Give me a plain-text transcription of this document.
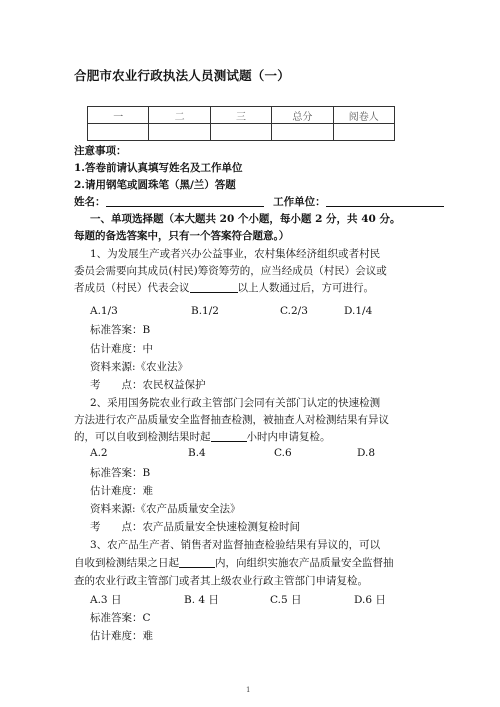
合肥市农业行政执法人员测试题（一）
一	二	三	总分	阅卷人

注意事项：
1.答卷前请认真填写姓名及工作单位
2.请用钢笔或圆珠笔（黑/兰）答题
姓名：	工作单位：
一、单项选择题（本大题共 20 个小题，每小题 2 分，共 40 分。
每题的备选答案中，只有一个答案符合题意。）
1、为发展生产或者兴办公益事业，农村集体经济组织或者村民
委员会需要向其成员(村民)筹资筹劳的，应当经成员（村民）会议或
者成员（村民）代表会议	以上人数通过后，方可进行。
A.1/3	B.1/2	C.2/3	D.1/4
标准答案：B
估计难度：中
资料来源:《农业法》
考　　点：农民权益保护
2、采用国务院农业行政主管部门会同有关部门认定的快速检测
方法进行农产品质量安全监督抽查检测，被抽查人对检测结果有异议
的，可以自收到检测结果时起	小时内申请复检。
A.2	B.4	C.6	D.8
标准答案：B
估计难度：难
资料来源:《农产品质量安全法》
考　　点：农产品质量安全快速检测复检时间
3、农产品生产者、销售者对监督抽查检验结果有异议的，可以
自收到检测结果之日起	内，向组织实施农产品质量安全监督抽
查的农业行政主管部门或者其上级农业行政主管部门申请复检。
A.3 日	B. 4 日	C.5 日	D.6 日
标准答案：C
估计难度：难
1
